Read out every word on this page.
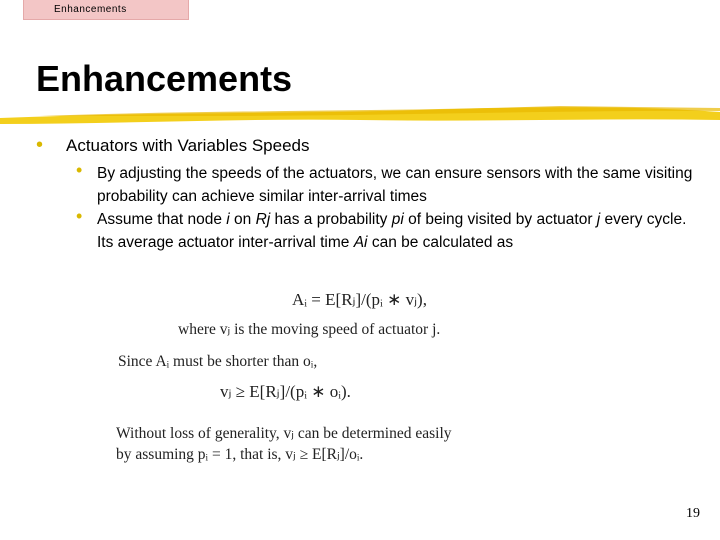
Enhancements
Enhancements
• Actuators with Variables Speeds
• By adjusting the speeds of the actuators, we can ensure sensors with the same visiting probability can achieve similar inter-arrival times
• Assume that node i on Rj has a probability pi of being visited by actuator j every cycle. Its average actuator inter-arrival time Ai can be calculated as
Aᵢ = E[Rⱼ]/(pᵢ ∗ vⱼ),
where vⱼ is the moving speed of actuator j.
Since Aᵢ must be shorter than oᵢ,
vⱼ ≥ E[Rⱼ]/(pᵢ ∗ oᵢ).
Without loss of generality, vⱼ can be determined easily
by assuming pᵢ = 1, that is, vⱼ ≥ E[Rⱼ]/oᵢ.
19
